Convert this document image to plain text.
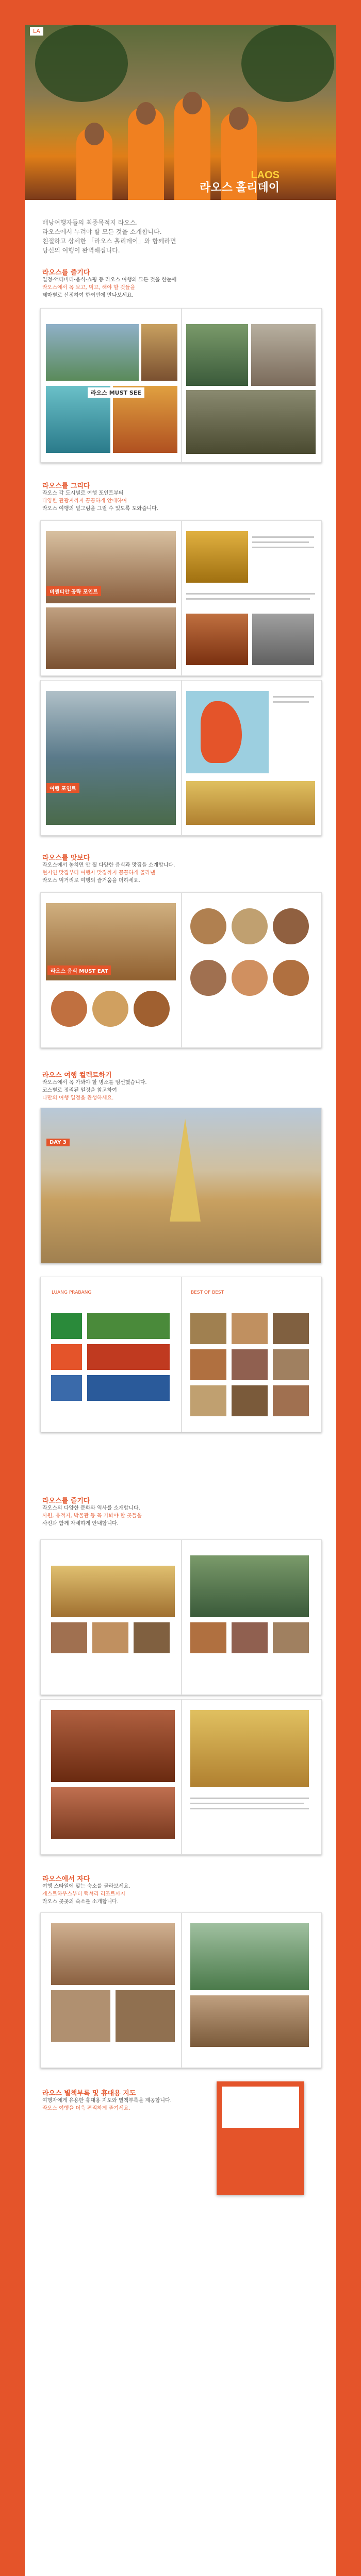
LAOS
라오스 홀리데이
LA
배낭여행자들의 최종목적지 라오스.
라오스에서 누려야 할 모든 것을 소개합니다.
친절하고 상세한 「라오스 홀리데이」와 함께라면
당신의 여행이 완벽해집니다.
라오스를 즐기다
일정·액티비티·음식·쇼핑 등 라오스 여행의 모든 것을 한눈에
라오스에서 꼭 보고, 먹고, 해야 할 것들을
테마별로 선정하여 한꺼번에 만나보세요.
라오스 MUST SEE
라오스를 그리다
라오스 각 도시별로 여행 포인트부터
다양한 관광지까지 꼼꼼하게 안내하여
라오스 여행의 밑그림을 그릴 수 있도록 도와줍니다.
비엔티안 공략 포인트
여행 포인트
라오스를 맛보다
라오스에서 놓치면 안 될 다양한 음식과 맛집을 소개합니다.
현지인 맛집부터 여행자 맛집까지 꼼꼼하게 골라낸
라오스 먹거리로 여행의 즐거움을 더하세요.
라오스 음식 MUST EAT
라오스 여행 컬렉트하기
라오스에서 꼭 가봐야 할 명소를 엄선했습니다.
코스별로 정리된 일정을 참고하여
나만의 여행 일정을 완성하세요.
DAY 3
라오스를 즐기다
라오스의 다양한 문화와 역사를 소개합니다.
사원, 유적지, 박물관 등 꼭 가봐야 할 곳들을
사진과 함께 자세하게 안내합니다.
LUANG PRABANG	BEST OF BEST
라오스에서 자다
여행 스타일에 맞는 숙소를 골라보세요.
게스트하우스부터 럭셔리 리조트까지
라오스 곳곳의 숙소를 소개합니다.
라오스 별책부록 및 휴대용 지도
여행자에게 유용한 휴대용 지도와 별책부록을 제공합니다.
라오스 여행을 더욱 편리하게 즐기세요.
